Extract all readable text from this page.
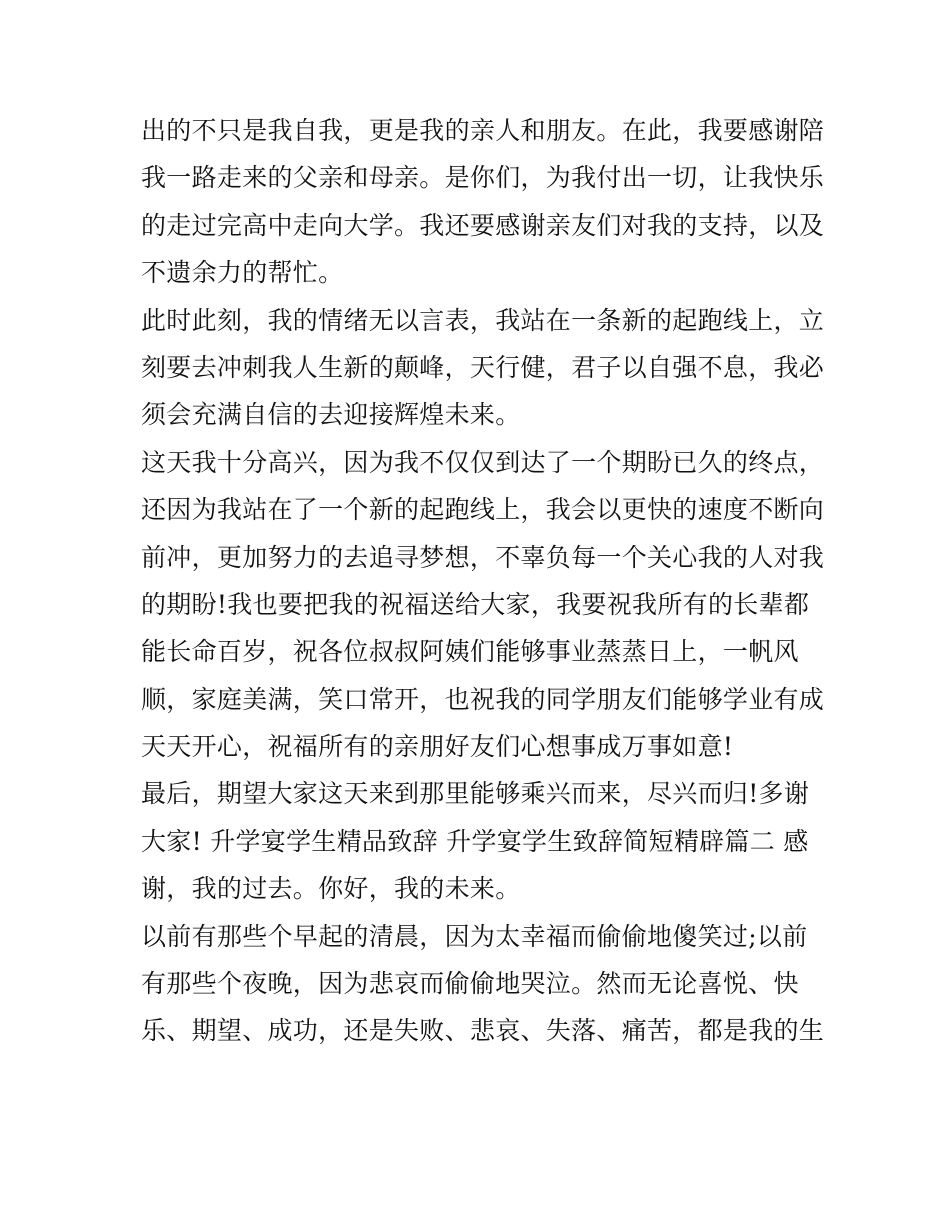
出的不只是我自我，更是我的亲人和朋友。在此，我要感谢陪
我一路走来的父亲和母亲。是你们，为我付出一切，让我快乐
的走过完高中走向大学。我还要感谢亲友们对我的支持，以及
不遗余力的帮忙。
此时此刻，我的情绪无以言表，我站在一条新的起跑线上，立
刻要去冲刺我人生新的颠峰，天行健，君子以自强不息，我必
须会充满自信的去迎接辉煌未来。
这天我十分高兴，因为我不仅仅到达了一个期盼已久的终点，
还因为我站在了一个新的起跑线上，我会以更快的速度不断向
前冲，更加努力的去追寻梦想，不辜负每一个关心我的人对我
的期盼!我也要把我的祝福送给大家，我要祝我所有的长辈都
能长命百岁，祝各位叔叔阿姨们能够事业蒸蒸日上，一帆风
顺，家庭美满，笑口常开，也祝我的同学朋友们能够学业有成
天天开心，祝福所有的亲朋好友们心想事成万事如意!
最后，期望大家这天来到那里能够乘兴而来，尽兴而归!多谢
大家! 升学宴学生精品致辞 升学宴学生致辞简短精辟篇二 感
谢，我的过去。你好，我的未来。
以前有那些个早起的清晨，因为太幸福而偷偷地傻笑过;以前
有那些个夜晚，因为悲哀而偷偷地哭泣。然而无论喜悦、快
乐、期望、成功，还是失败、悲哀、失落、痛苦，都是我的生
